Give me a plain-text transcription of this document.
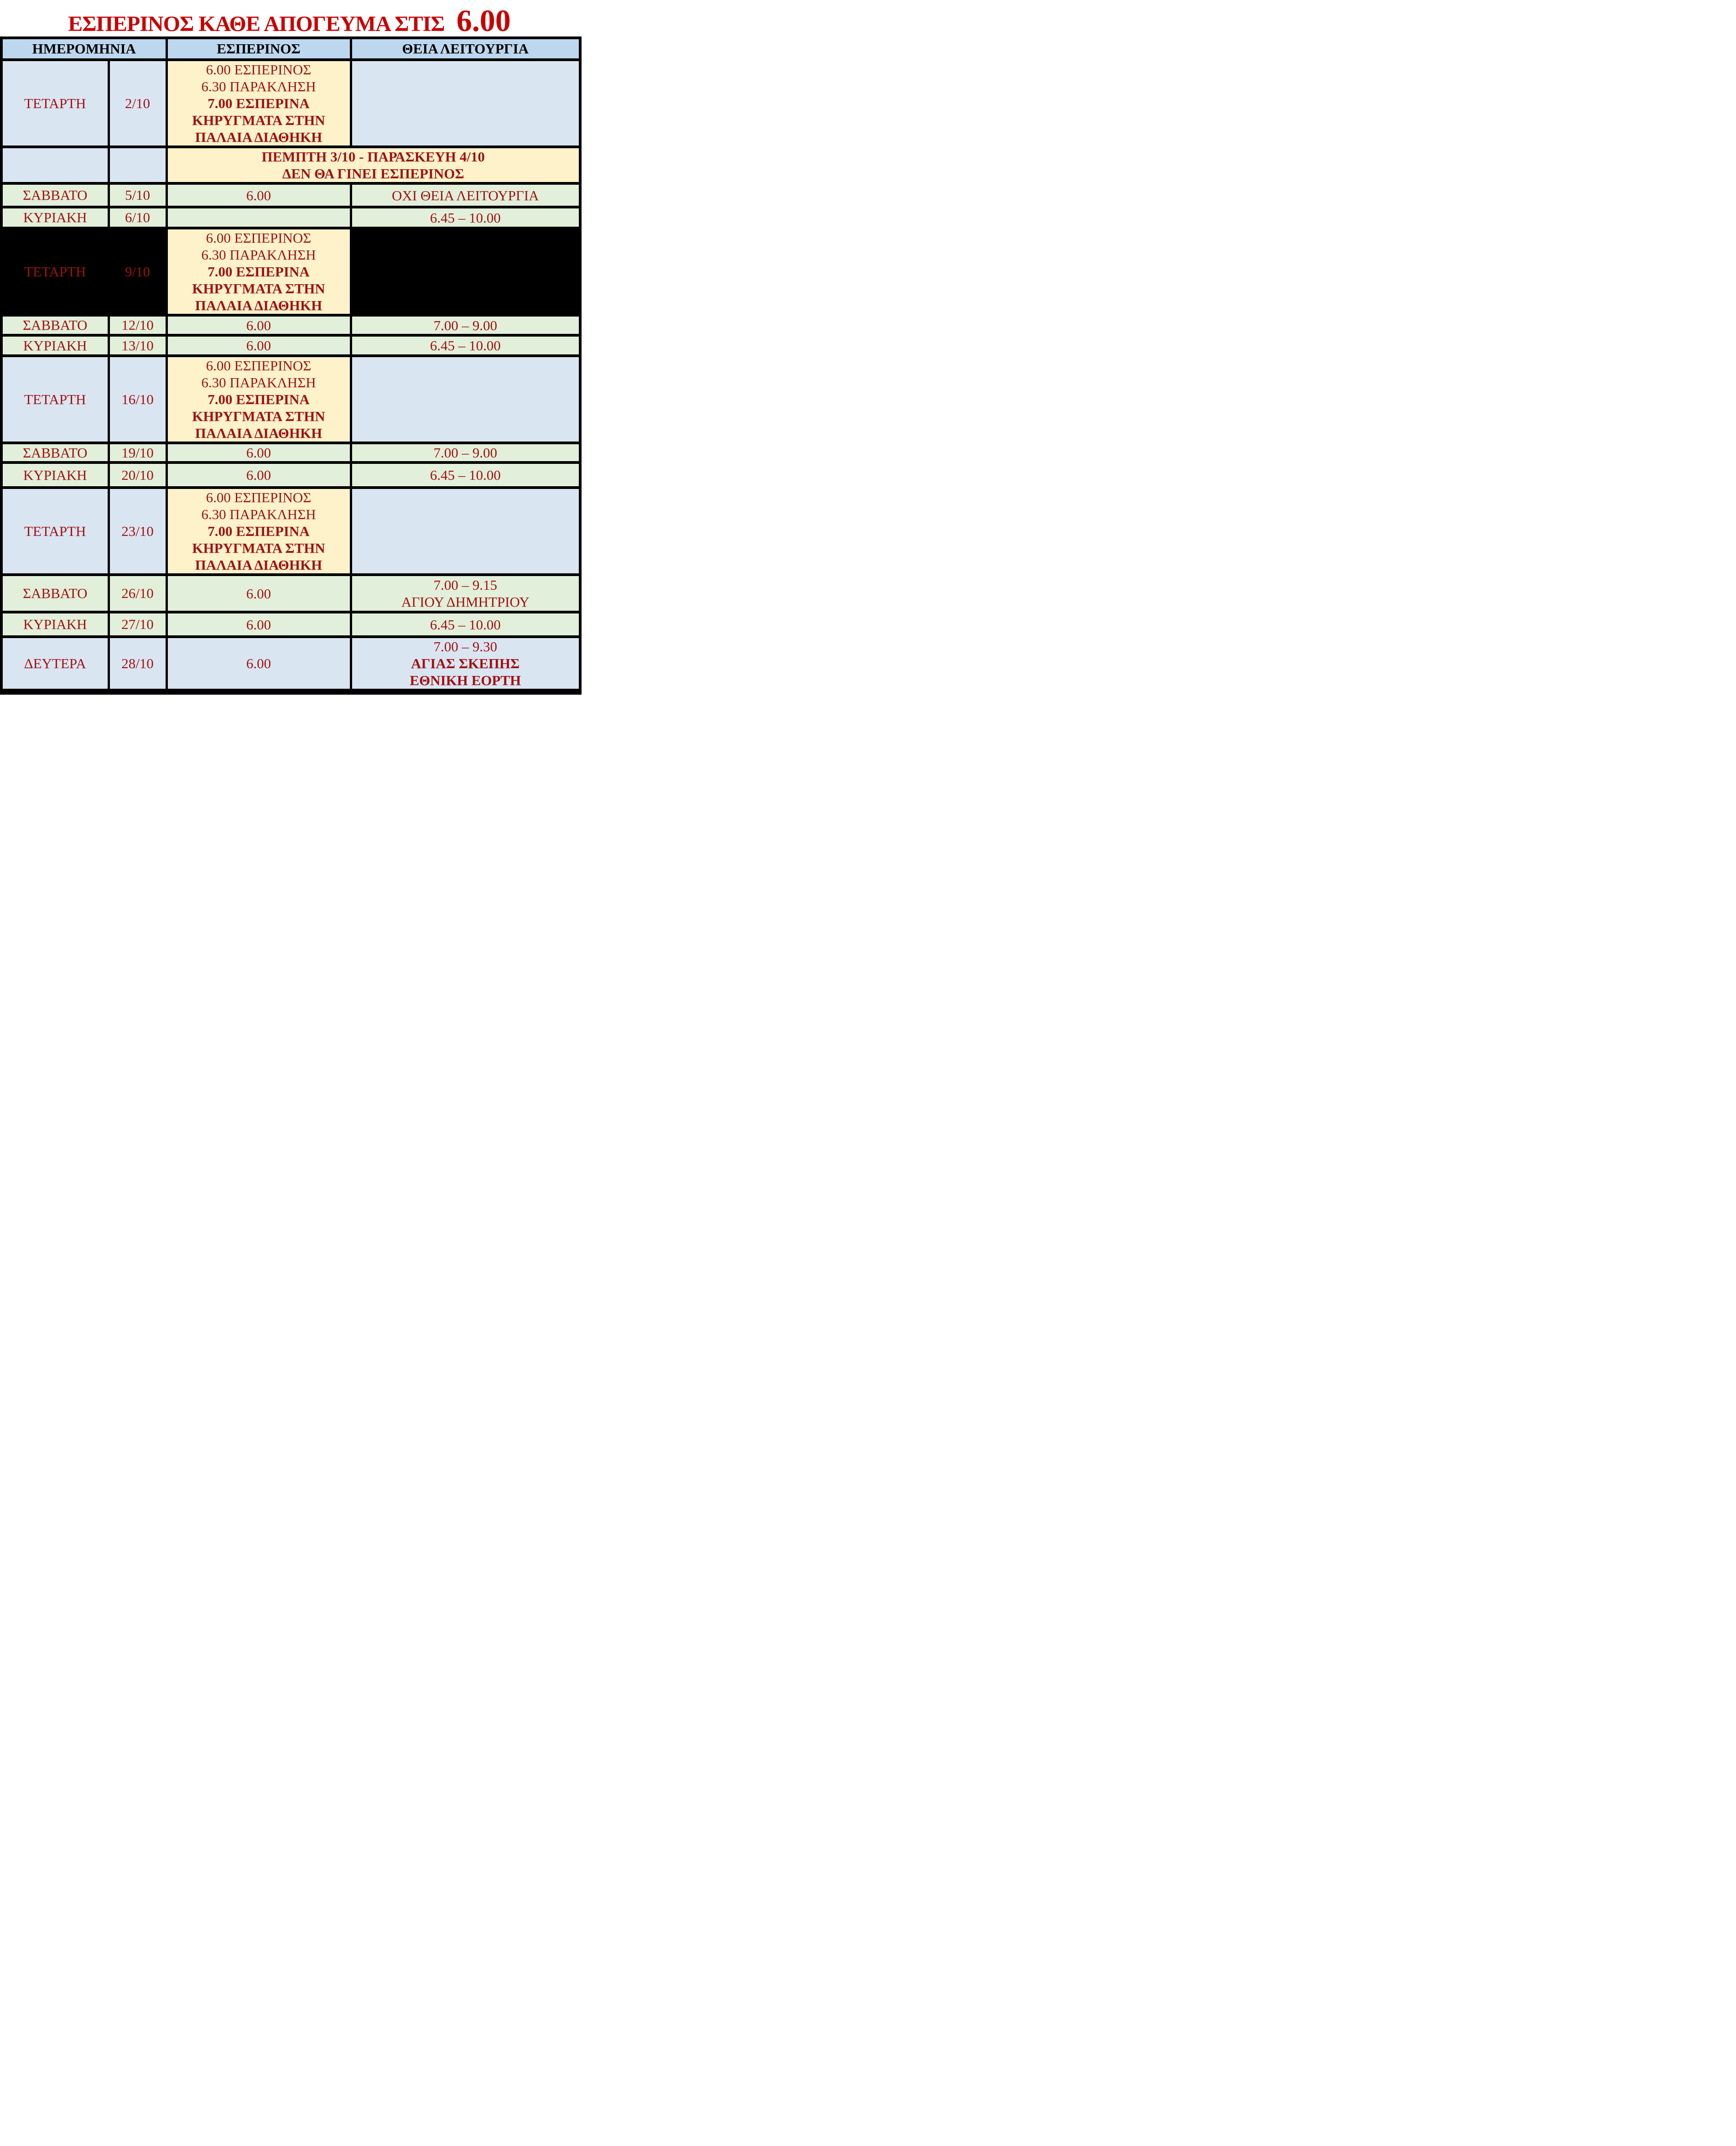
ΕΣΠΕΡΙΝΟΣ ΚΑΘΕ ΑΠΟΓΕΥΜΑ ΣΤΙΣ 6.00
ΗΜΕΡΟΜΗΝΙΑ		ΕΣΠΕΡΙΝΟΣ	ΘΕΙΑ ΛΕΙΤΟΥΡΓΙΑ

ΤΕΤΑΡΤΗ	2/10	6.00 ΕΣΠΕΡΙΝΟΣ
6.30 ΠΑΡΑΚΛΗΣΗ
7.00 ΕΣΠΕΡΙΝΑ
ΚΗΡΥΓΜΑΤΑ ΣΤΗΝ
ΠΑΛΑΙΑ ΔΙΑΘΗΚΗ	

		ΠΕΜΠΤΗ 3/10 - ΠΑΡΑΣΚΕΥΗ 4/10
ΔΕΝ ΘΑ ΓΙΝΕΙ ΕΣΠΕΡΙΝΟΣ	

ΣΑΒΒΑΤΟ	5/10	6.00	ΟΧΙ ΘΕΙΑ ΛΕΙΤΟΥΡΓΙΑ

ΚΥΡΙΑΚΗ	6/10		6.45 – 10.00

ΤΕΤΑΡΤΗ	9/10	6.00 ΕΣΠΕΡΙΝΟΣ
6.30 ΠΑΡΑΚΛΗΣΗ
7.00 ΕΣΠΕΡΙΝΑ
ΚΗΡΥΓΜΑΤΑ ΣΤΗΝ
ΠΑΛΑΙΑ ΔΙΑΘΗΚΗ	

ΣΑΒΒΑΤΟ	12/10	6.00	7.00 – 9.00

ΚΥΡΙΑΚΗ	13/10	6.00	6.45 – 10.00

ΤΕΤΑΡΤΗ	16/10	6.00 ΕΣΠΕΡΙΝΟΣ
6.30 ΠΑΡΑΚΛΗΣΗ
7.00 ΕΣΠΕΡΙΝΑ
ΚΗΡΥΓΜΑΤΑ ΣΤΗΝ
ΠΑΛΑΙΑ ΔΙΑΘΗΚΗ	

ΣΑΒΒΑΤΟ	19/10	6.00	7.00 – 9.00

ΚΥΡΙΑΚΗ	20/10	6.00	6.45 – 10.00

ΤΕΤΑΡΤΗ	23/10	6.00 ΕΣΠΕΡΙΝΟΣ
6.30 ΠΑΡΑΚΛΗΣΗ
7.00 ΕΣΠΕΡΙΝΑ
ΚΗΡΥΓΜΑΤΑ ΣΤΗΝ
ΠΑΛΑΙΑ ΔΙΑΘΗΚΗ	

ΣΑΒΒΑΤΟ	26/10	6.00	7.00 – 9.15
ΑΓΙΟΥ ΔΗΜΗΤΡΙΟΥ

ΚΥΡΙΑΚΗ	27/10	6.00	6.45 – 10.00

ΔΕΥΤΕΡΑ	28/10	6.00	7.00 – 9.30
ΑΓΙΑΣ ΣΚΕΠΗΣ
ΕΘΝΙΚΗ ΕΟΡΤΗ
